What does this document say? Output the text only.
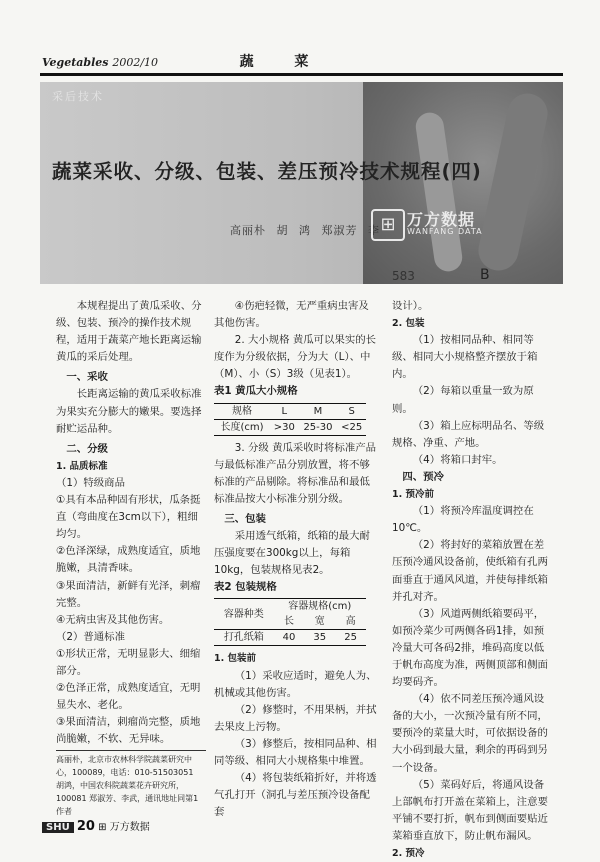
Vegetables 2002/10	蔬 菜
采后技术
蔬菜采收、分级、包装、差压预冷技术规程(四)
高丽朴 胡 鸿 郑淑芳 李 ⊞ 万方数据
WANFANG DATA
583	B

本规程提出了黄瓜采收、分级、包装、预冷的操作技术规程，适用于蔬菜产地长距离运输黄瓜的采后处理。

一、采收

长距离运输的黄瓜采收标准为果实充分膨大的嫩果。要选择耐贮运品种。

二、分级

1. 品质标准

（1）特级商品

①具有本品种固有形状，瓜条挺直（弯曲度在3cm以下），粗细均匀。

②色泽深绿，成熟度适宜，质地脆嫩，具清香味。

③果面清洁，新鲜有光泽，刺瘤完整。

④无病虫害及其他伤害。

（2）普通标准

①形状正常，无明显影大、细缩部分。

②色泽正常，成熟度适宜，无明显失水、老化。

③果面清洁，刺瘤尚完整，质地尚脆嫩，不软、无异味。

高丽朴，北京市农林科学院蔬菜研究中心，100089，电话：010-51503051
胡鸿，中国农科院蔬菜花卉研究所，100081 郑淑芳、李武，通讯地址同第1作者

④伤疤轻微，无严重病虫害及其他伤害。

2. 大小规格 黄瓜可以果实的长度作为分级依据，分为大（L）、中（M）、小（S）3级（见表1）。

表1 黄瓜大小规格

规格	L	M	S
长度(cm)	>30	25-30	<25

3. 分级 黄瓜采收时将标准产品与最低标准产品分别放置，将不够标准的产品剔除。将标准品和最低标准品按大小标准分别分级。

三、包装

采用透气纸箱，纸箱的最大耐压强度要在300kg以上，每箱10kg，包装规格见表2。

表2 包装规格

容器种类	容器规格(cm)		
	长	宽	高
打孔纸箱	40	35	25

1. 包装前

（1）采收应适时，避免人为、机械或其他伤害。

（2）修整时，不用果柄，并拭去果皮上污物。

（3）修整后，按相同品种、相同等级、相同大小规格集中堆置。

（4）将包装纸箱折好，并将透气孔打开（洞孔与差压预冷设备配套

设计）。

2. 包装

（1）按相同品种、相同等级、相同大小规格整齐摆放于箱内。

（2）每箱以重量一致为原则。

（3）箱上应标明品名、等级规格、净重、产地。

（4）将箱口封牢。

四、预冷

1. 预冷前

（1）将预冷库温度调控在10℃。

（2）将封好的菜箱放置在差压预冷通风设备前，使纸箱有孔两面垂直于通风风道，并使每排纸箱并孔对齐。

（3）风道两侧纸箱要码平，如预冷菜少可两侧各码1排，如预冷量大可各码2排，堆码高度以低于帆布高度为准，两侧顶部和侧面均要码齐。

（4）依不同差压预冷通风设备的大小，一次预冷量有所不同，要预冷的菜量大时，可依据设备的大小码到最大量，剩余的再码到另一个设备。

（5）菜码好后，将通风设备上部帆布打开盖在菜箱上，注意要平铺不要打折，帆布到侧面要贴近菜箱垂直放下，防止帆布漏风。

2. 预冷

SHU 20 ⊞ 万方数据
